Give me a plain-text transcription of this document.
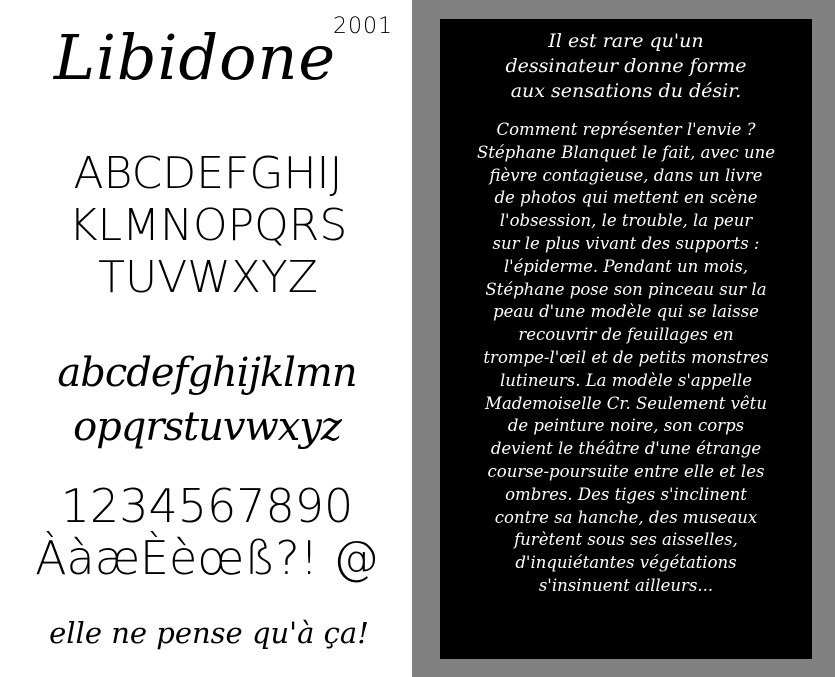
Libidone
2001
ABCDEFGHIJ
KLMNOPQRS
TUVWXYZ
abcdefghijklmn
opqrstuvwxyz
1234567890
ÀàæÈèœß?! @
elle ne pense qu'à ça!
Il est rare qu'un
dessinateur donne forme
aux sensations du désir.
Comment représenter l'envie ?
Stéphane Blanquet le fait, avec une
fièvre contagieuse, dans un livre
de photos qui mettent en scène
l'obsession, le trouble, la peur
sur le plus vivant des supports :
l'épiderme. Pendant un mois,
Stéphane pose son pinceau sur la
peau d'une modèle qui se laisse
recouvrir de feuillages en
trompe-l'œil et de petits monstres
lutineurs. La modèle s'appelle
Mademoiselle Cr. Seulement vêtu
de peinture noire, son corps
devient le théâtre d'une étrange
course-poursuite entre elle et les
ombres. Des tiges s'inclinent
contre sa hanche, des museaux
furètent sous ses aisselles,
d'inquiétantes végétations
s'insinuent ailleurs...
